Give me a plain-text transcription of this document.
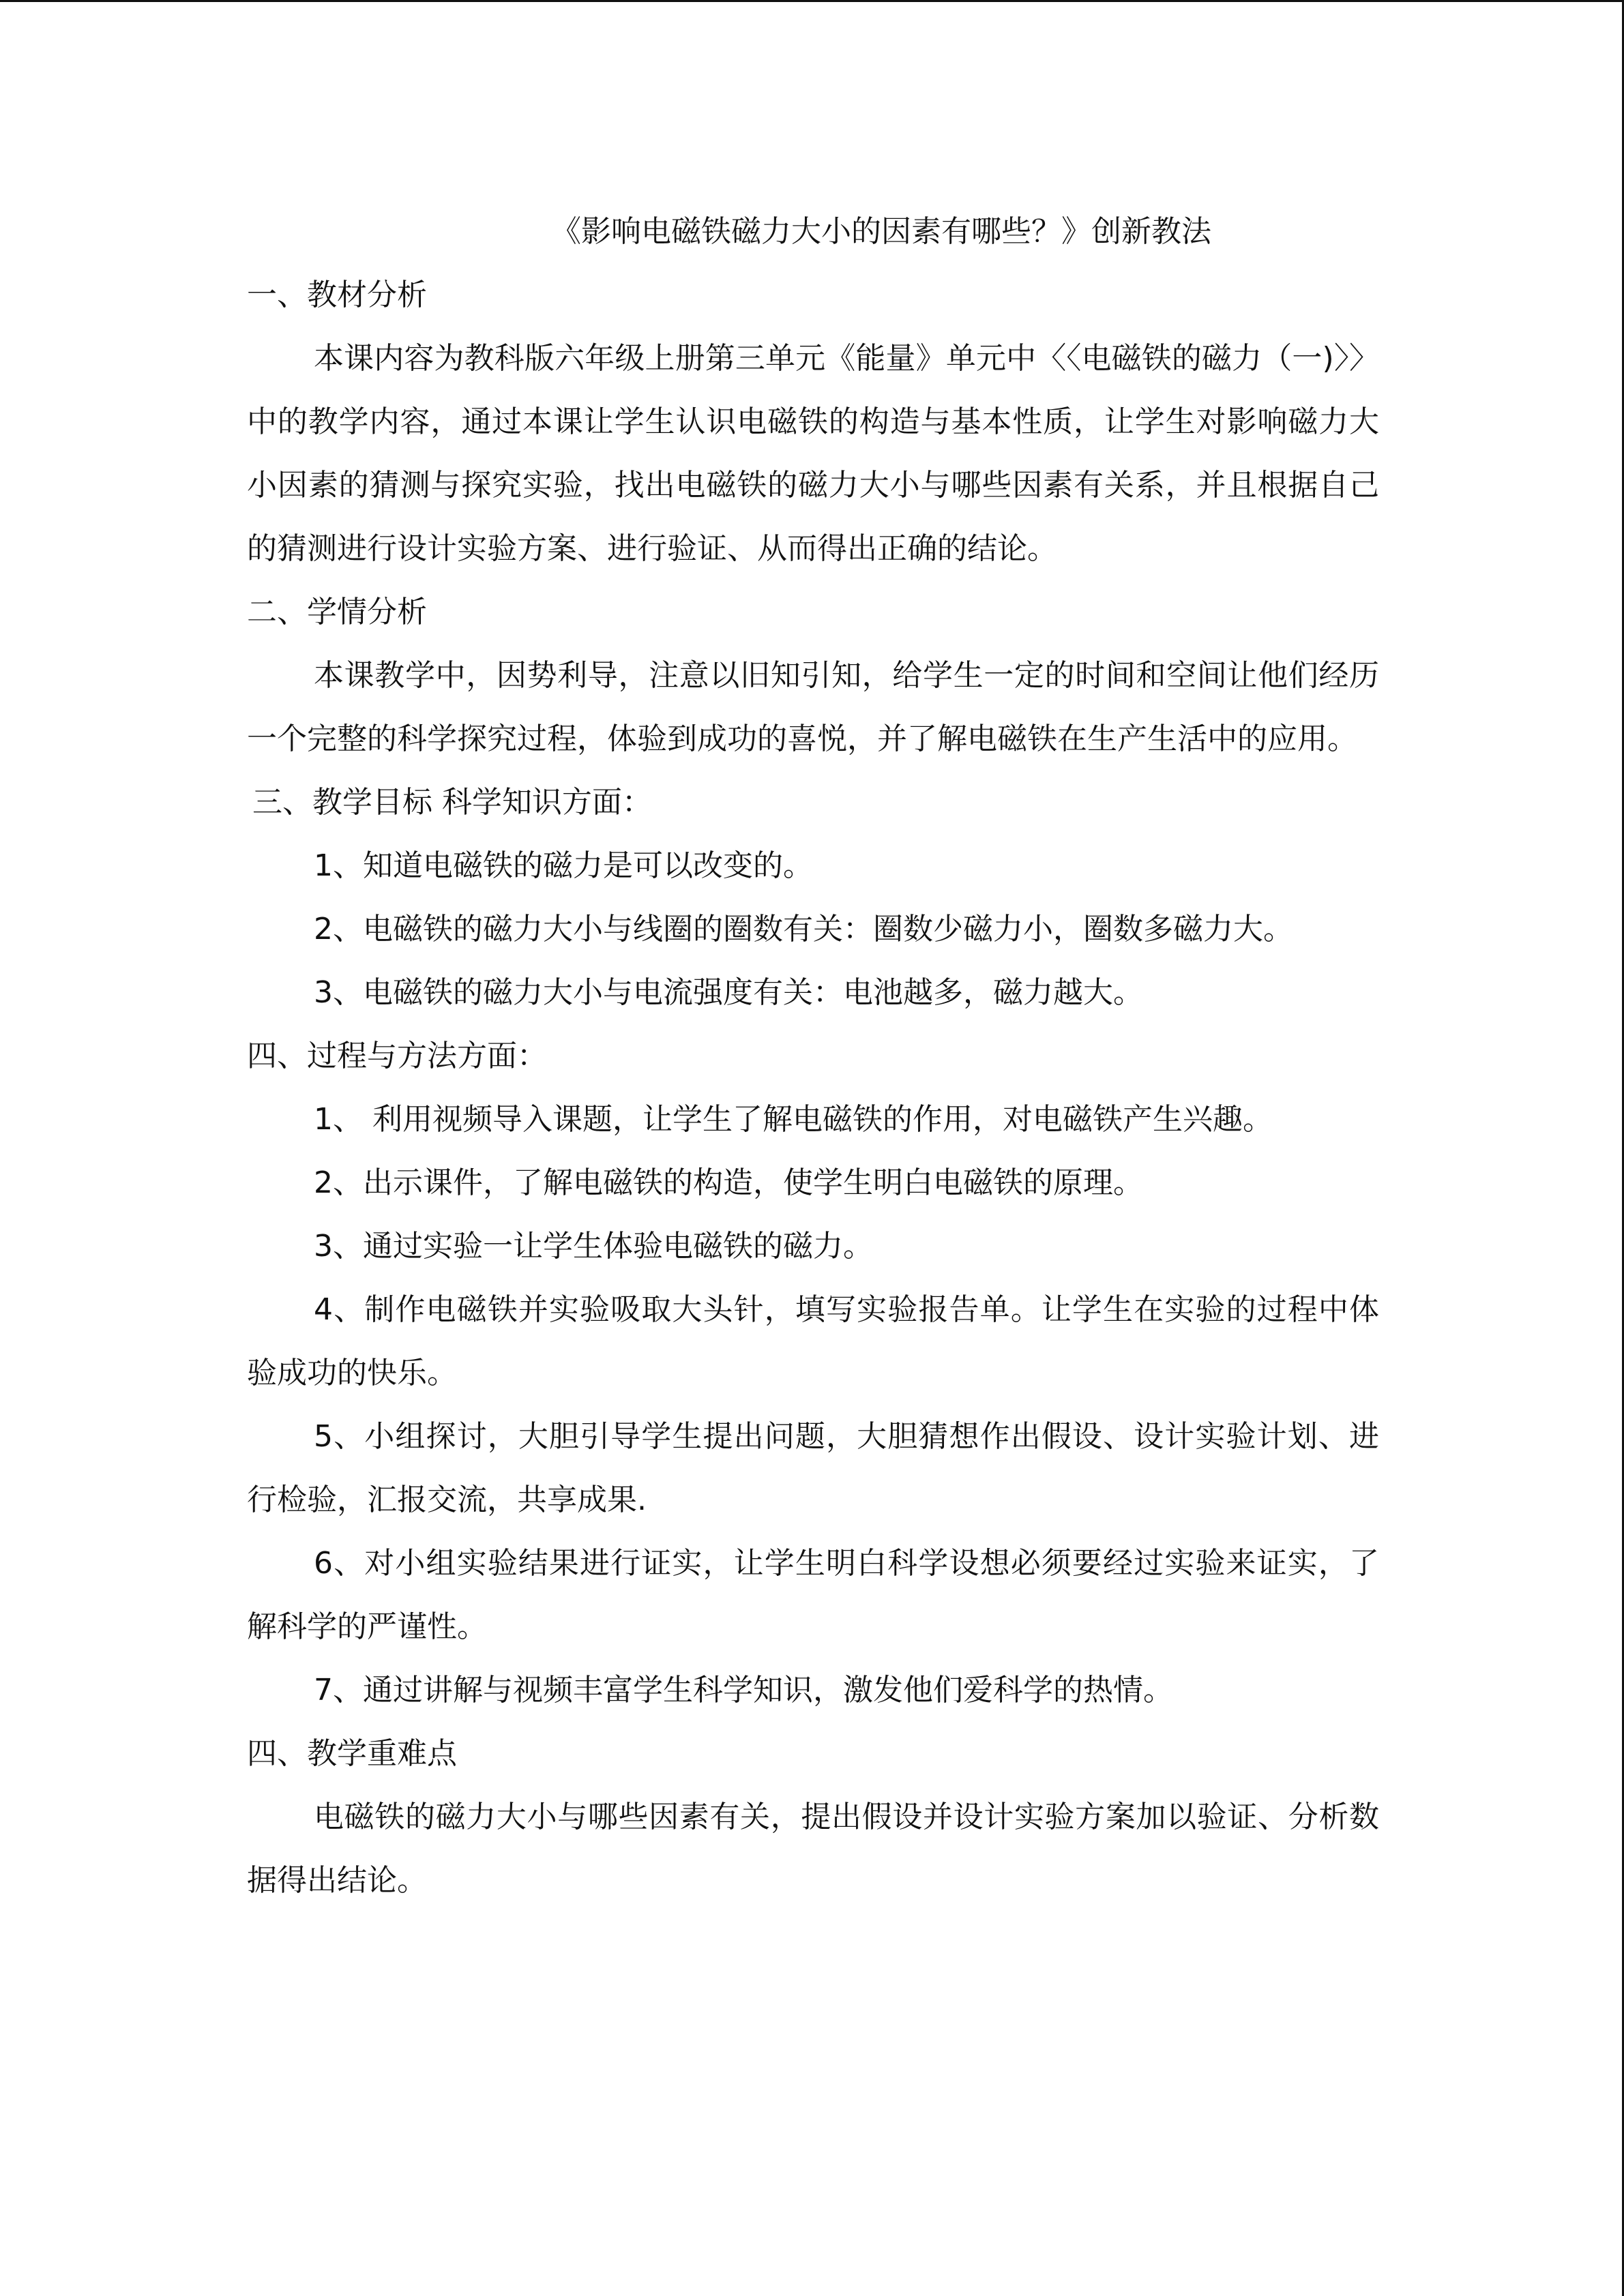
《影响电磁铁磁力大小的因素有哪些？》创新教法
一、教材分析

本课内容为教科版六年级上册第三单元《能量》单元中〈〈电磁铁的磁力（一)〉〉中的教学内容，通过本课让学生认识电磁铁的构造与基本性质，让学生对影响磁力大小因素的猜测与探究实验，找出电磁铁的磁力大小与哪些因素有关系，并且根据自己的猜测进行设计实验方案、进行验证、从而得出正确的结论。

二、学情分析

本课教学中，因势利导，注意以旧知引知，给学生一定的时间和空间让他们经历一个完整的科学探究过程，体验到成功的喜悦，并了解电磁铁在生产生活中的应用。

三、教学目标 科学知识方面：

1、知道电磁铁的磁力是可以改变的。

2、电磁铁的磁力大小与线圈的圈数有关：圈数少磁力小，圈数多磁力大。

3、电磁铁的磁力大小与电流强度有关：电池越多，磁力越大。

四、过程与方法方面：

1、 利用视频导入课题，让学生了解电磁铁的作用，对电磁铁产生兴趣。

2、出示课件，了解电磁铁的构造，使学生明白电磁铁的原理。

3、通过实验一让学生体验电磁铁的磁力。

4、制作电磁铁并实验吸取大头针，填写实验报告单。让学生在实验的过程中体验成功的快乐。

5、小组探讨，大胆引导学生提出问题，大胆猜想作出假设、设计实验计划、进行检验，汇报交流，共享成果.

6、对小组实验结果进行证实，让学生明白科学设想必须要经过实验来证实，了解科学的严谨性。

7、通过讲解与视频丰富学生科学知识，激发他们爱科学的热情。

四、教学重难点

电磁铁的磁力大小与哪些因素有关，提出假设并设计实验方案加以验证、分析数据得出结论。
